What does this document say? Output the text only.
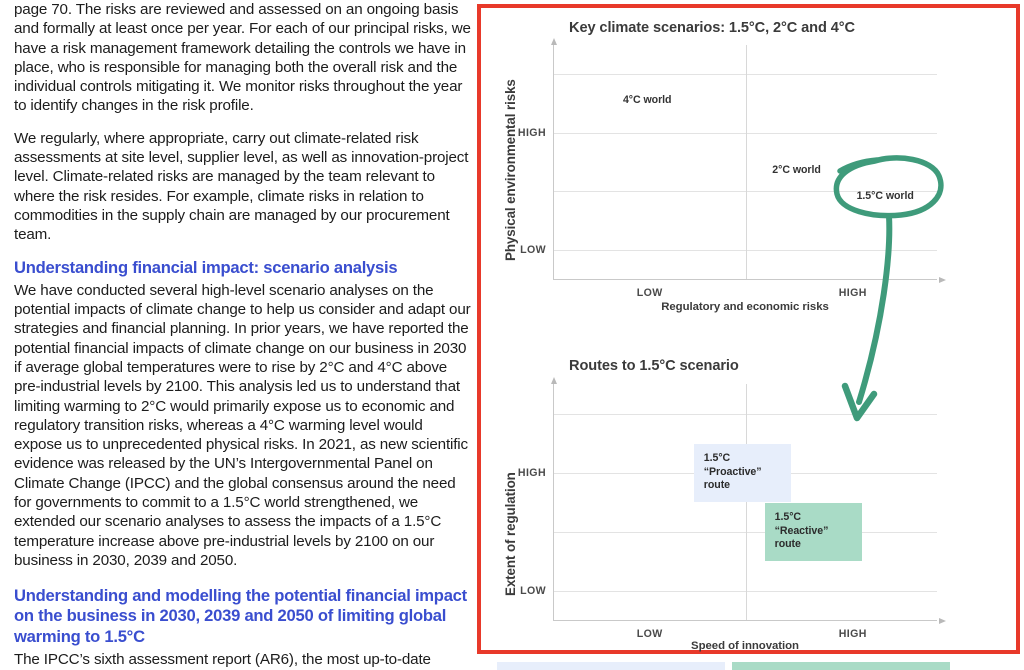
page 70. The risks are reviewed and assessed on an ongoing basis and formally at least once per year. For each of our principal risks, we have a risk management framework detailing the controls we have in place, who is responsible for managing both the overall risk and the individual controls mitigating it. We monitor risks throughout the year to identify changes in the risk profile.

We regularly, where appropriate, carry out climate-related risk assessments at site level, supplier level, as well as innovation-project level. Climate-related risks are managed by the team relevant to where the risk resides. For example, climate risks in relation to commodities in the supply chain are managed by our procurement team.

Understanding financial impact: scenario analysis

We have conducted several high-level scenario analyses on the potential impacts of climate change to help us consider and adapt our strategies and financial planning. In prior years, we have reported the potential financial impacts of climate change on our business in 2030 if average global temperatures were to rise by 2°C and 4°C above pre-industrial levels by 2100. This analysis led us to understand that limiting warming to 2°C would primarily expose us to economic and regulatory transition risks, whereas a 4°C warming level would expose us to unprecedented physical risks. In 2021, as new scientific evidence was released by the UN’s Intergovernmental Panel on Climate Change (IPCC) and the global consensus around the need for governments to commit to a 1.5°C world strengthened, we extended our scenario analyses to assess the impacts of a 1.5°C temperature increase above pre-industrial levels by 2100 on our business in 2030, 2039 and 2050.

Understanding and modelling the potential financial impact on the business in 2030, 2039 and 2050 of limiting global warming to 1.5°C

The IPCC’s sixth assessment report (AR6), the most up-to-date

Key climate scenarios: 1.5°C, 2°C and 4°C
Physical environmental risks
Regulatory and economic risks
HIGH
LOW
LOW	HIGH
4°C world
2°C world
1.5°C world
Routes to 1.5°C scenario
Extent of regulation
Speed of innovation
HIGH
LOW
LOW	HIGH
1.5°C “Proactive”
route
1.5°C “Reactive”
route
